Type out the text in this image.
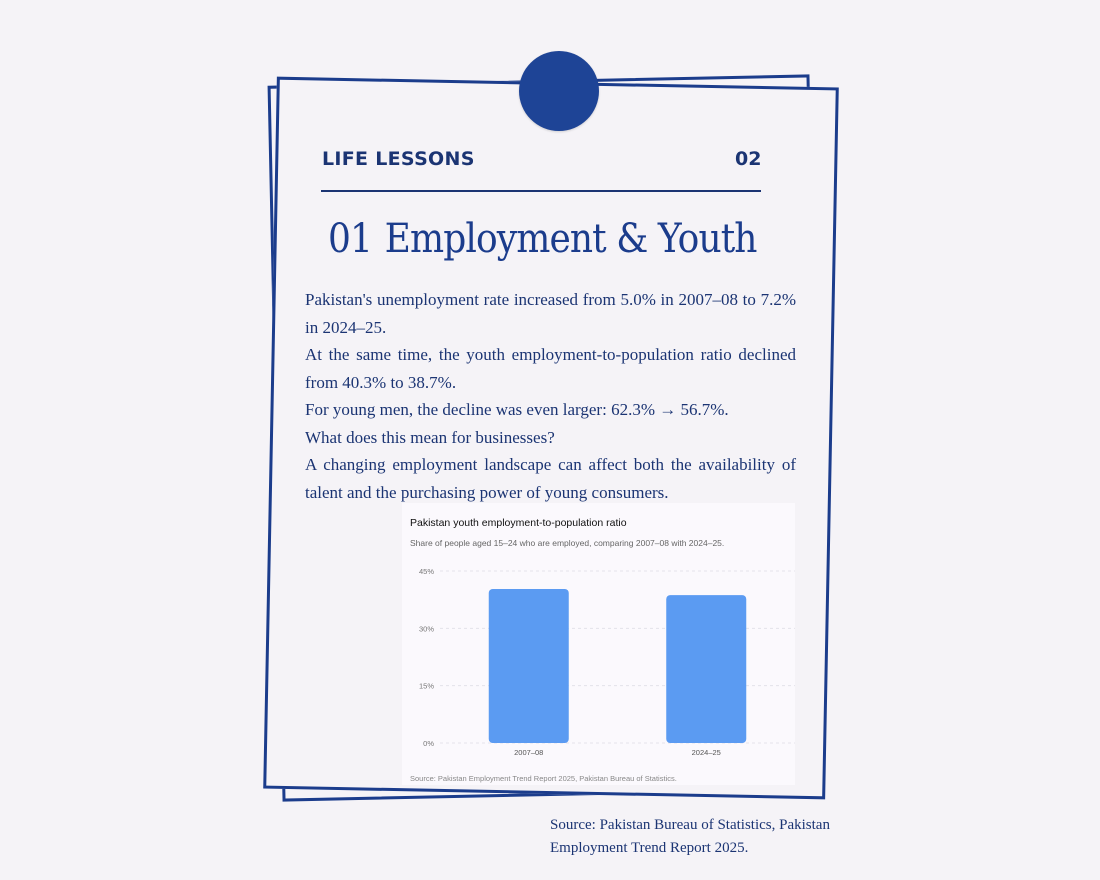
LIFE LESSONS	02
01 Employment & Youth

Pakistan's unemployment rate increased from 5.0% in 2007–08 to 7.2% in 2024–25.

At the same time, the youth employment-to-population ratio declined from 40.3% to 38.7%.

For young men, the decline was even larger: 62.3% → 56.7%.

What does this mean for businesses?

A changing employment landscape can affect both the availability of talent and the purchasing power of young consumers.

Pakistan youth employment-to-population ratio
Share of people aged 15–24 who are employed, comparing 2007–08 with 2024–25.
0%
15%
30%
45%
2007–08	2024–25
Source: Pakistan Employment Trend Report 2025, Pakistan Bureau of Statistics.
Source: Pakistan Bureau of Statistics, Pakistan
Employment Trend Report 2025.
